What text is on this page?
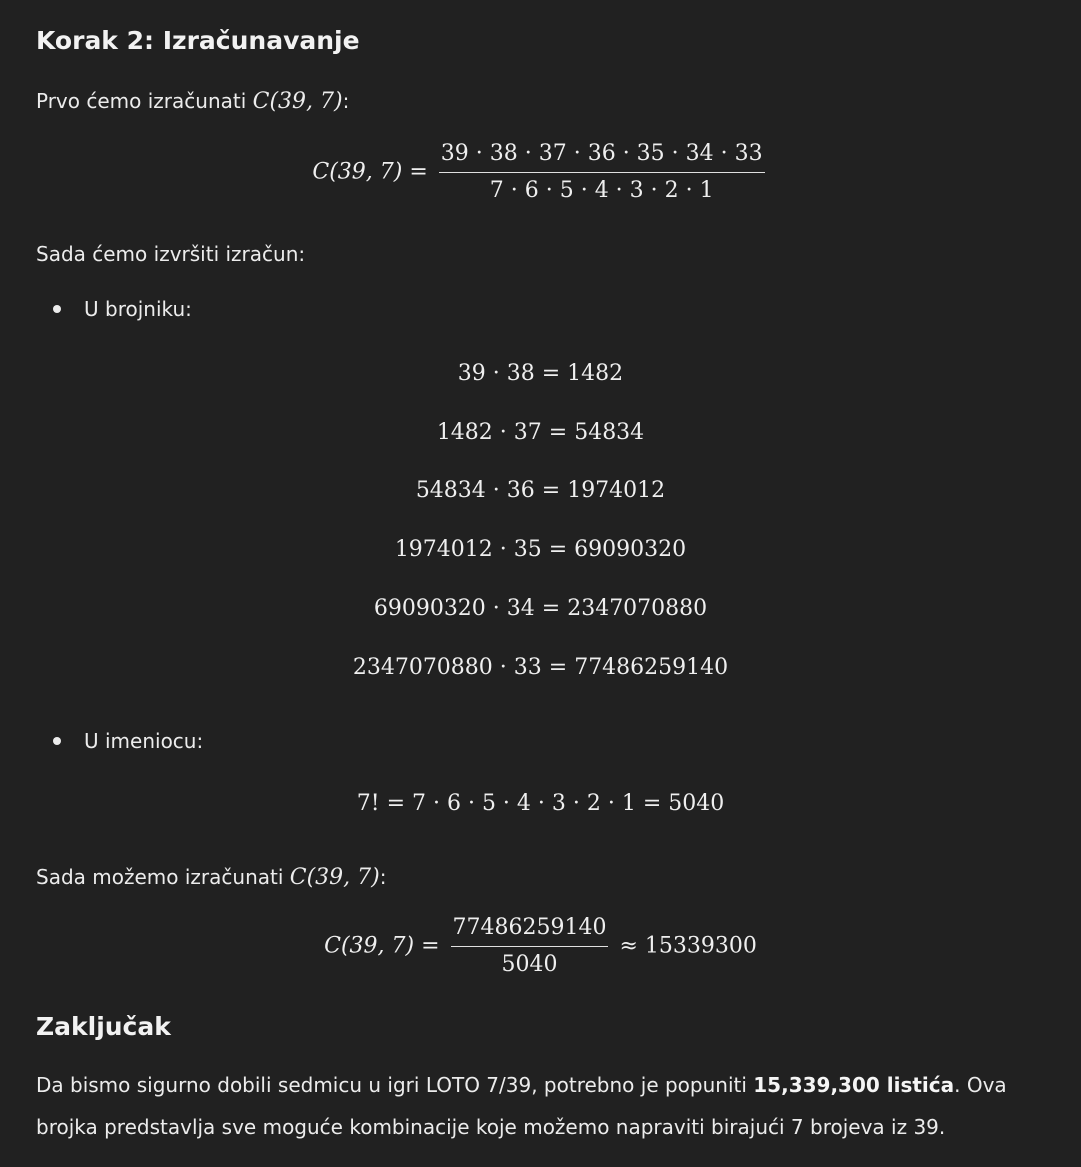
Korak 2: Izračunavanje

Prvo ćemo izračunati C(39, 7):

C(39, $7) = \frac{39 \cdot 38 \cdot 37 \cdot 36 \cdot 35 \cdot 34 \cdot 33}{7 \cdot 6 \cdot 5 \cdot 4 \cdot 3 \cdot 2 \cdot 1}$

Sada ćemo izvršiti izračun:

U brojniku:
39 · 38 = 1482
1482 · 37 = 54834
54834 · 36 = 1974012
1974012 · 35 = 69090320
69090320 · 34 = 2347070880
2347070880 · 33 = 77486259140
U imeniocu:
7! = 7 · 6 · 5 · 4 · 3 · 2 · 1 = 5040

Sada možemo izračunati C(39, 7):

C(39, $7) = \frac{77486259140}{5040} \approx 15339300$
Zaključak

Da bismo sigurno dobili sedmicu u igri LOTO 7/39, potrebno je popuniti 15,339,300 listića. Ova

brojka predstavlja sve moguće kombinacije koje možemo napraviti birajući 7 brojeva iz 39.
